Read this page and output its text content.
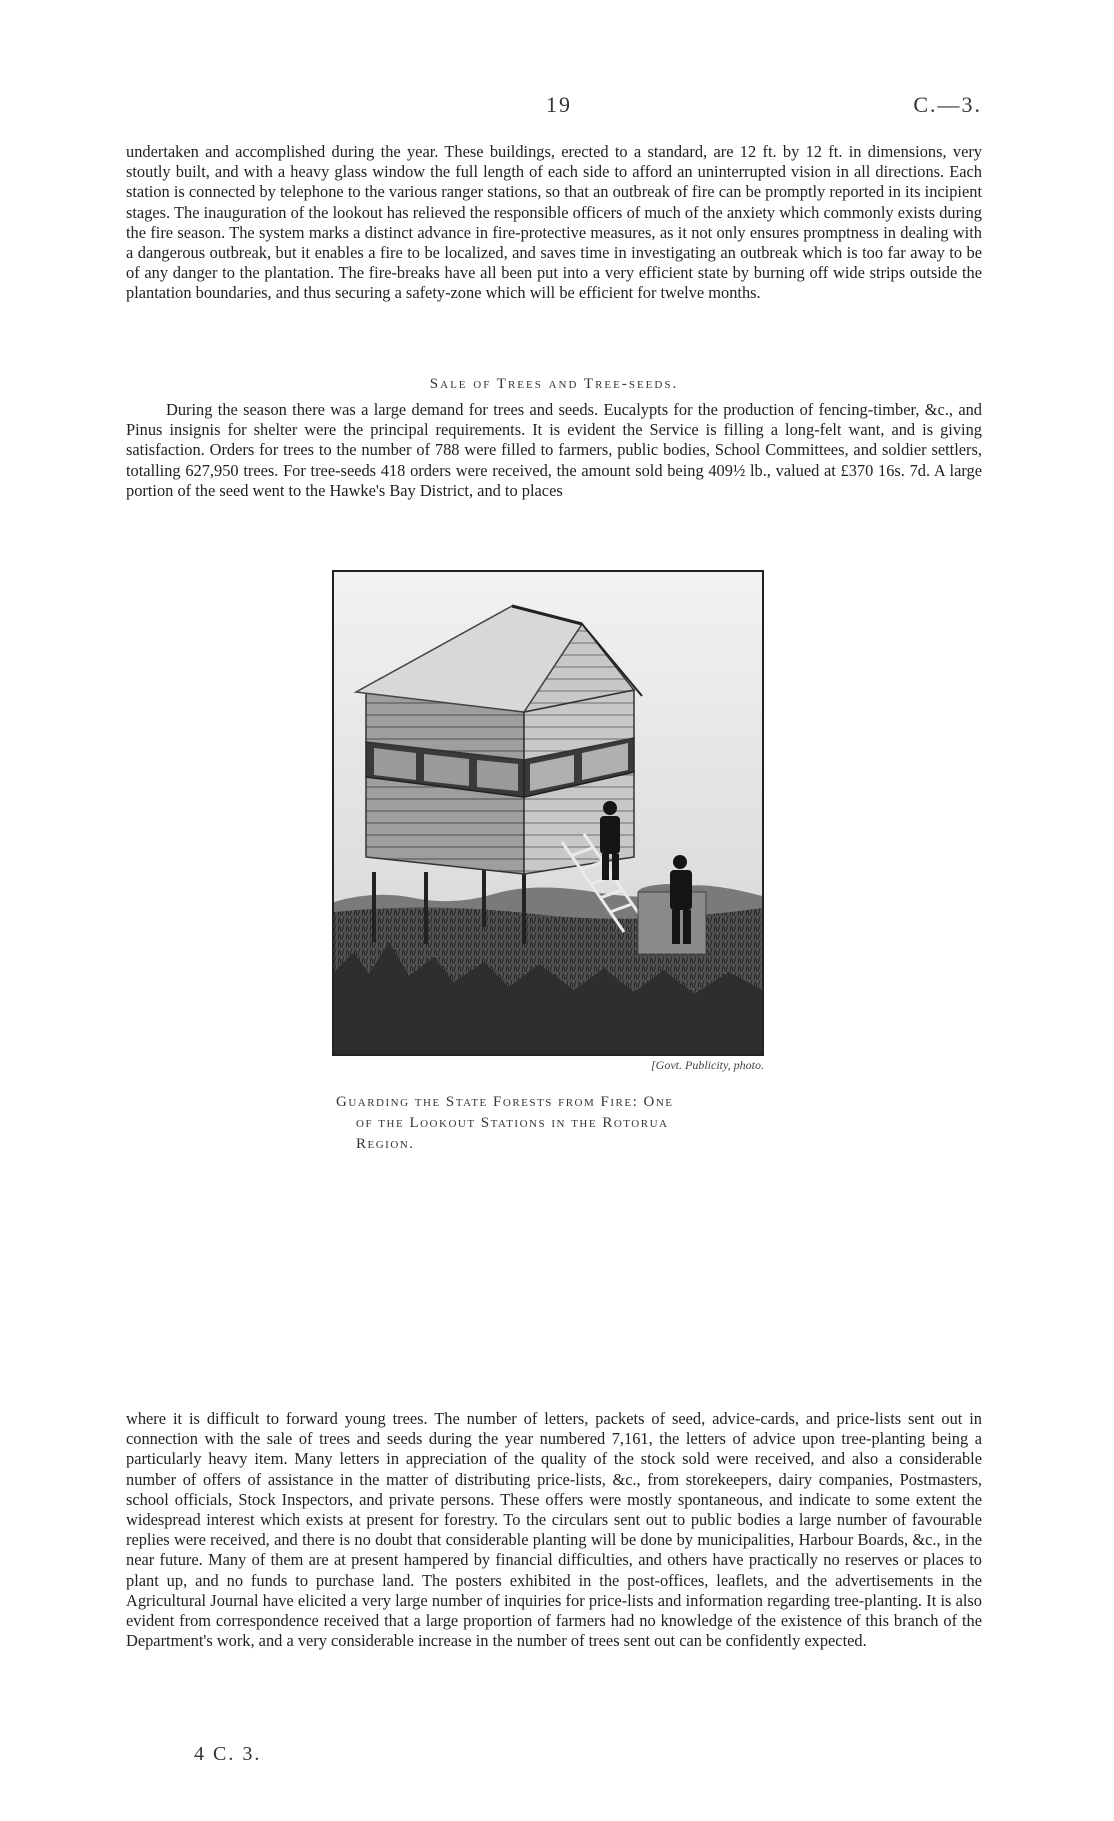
19	C.—3.

undertaken and accomplished during the year. These buildings, erected to a standard, are 12 ft. by 12 ft. in dimensions, very stoutly built, and with a heavy glass window the full length of each side to afford an uninterrupted vision in all directions. Each station is connected by telephone to the various ranger stations, so that an outbreak of fire can be promptly reported in its incipient stages. The inauguration of the lookout has relieved the responsible officers of much of the anxiety which commonly exists during the fire season. The system marks a distinct advance in fire-protective measures, as it not only ensures promptness in dealing with a dangerous outbreak, but it enables a fire to be localized, and saves time in investigating an outbreak which is too far away to be of any danger to the plantation. The fire-breaks have all been put into a very efficient state by burning off wide strips outside the plantation boundaries, and thus securing a safety-zone which will be efficient for twelve months.

Sale of Trees and Tree-seeds.

During the season there was a large demand for trees and seeds. Eucalypts for the production of fencing-timber, &c., and Pinus insignis for shelter were the principal requirements. It is evident the Service is filling a long-felt want, and is giving satisfaction. Orders for trees to the number of 788 were filled to farmers, public bodies, School Committees, and soldier settlers, totalling 627,950 trees. For tree-seeds 418 orders were received, the amount sold being 409½ lb., valued at £370 16s. 7d. A large portion of the seed went to the Hawke's Bay District, and to places

[Govt. Publicity, photo.
Guarding the State Forests from Fire: One
of the Lookout Stations in the Rotorua
Region.

where it is difficult to forward young trees. The number of letters, packets of seed, advice-cards, and price-lists sent out in connection with the sale of trees and seeds during the year numbered 7,161, the letters of advice upon tree-planting being a particularly heavy item. Many letters in appreciation of the quality of the stock sold were received, and also a considerable number of offers of assistance in the matter of distributing price-lists, &c., from storekeepers, dairy companies, Postmasters, school officials, Stock Inspectors, and private persons. These offers were mostly spontaneous, and indicate to some extent the widespread interest which exists at present for forestry. To the circulars sent out to public bodies a large number of favourable replies were received, and there is no doubt that considerable planting will be done by municipalities, Harbour Boards, &c., in the near future. Many of them are at present hampered by financial difficulties, and others have practically no reserves or places to plant up, and no funds to purchase land. The posters exhibited in the post-offices, leaflets, and the advertisements in the Agricultural Journal have elicited a very large number of inquiries for price-lists and information regarding tree-planting. It is also evident from correspondence received that a large proportion of farmers had no knowledge of the existence of this branch of the Department's work, and a very considerable increase in the number of trees sent out can be confidently expected.

4 C. 3.
